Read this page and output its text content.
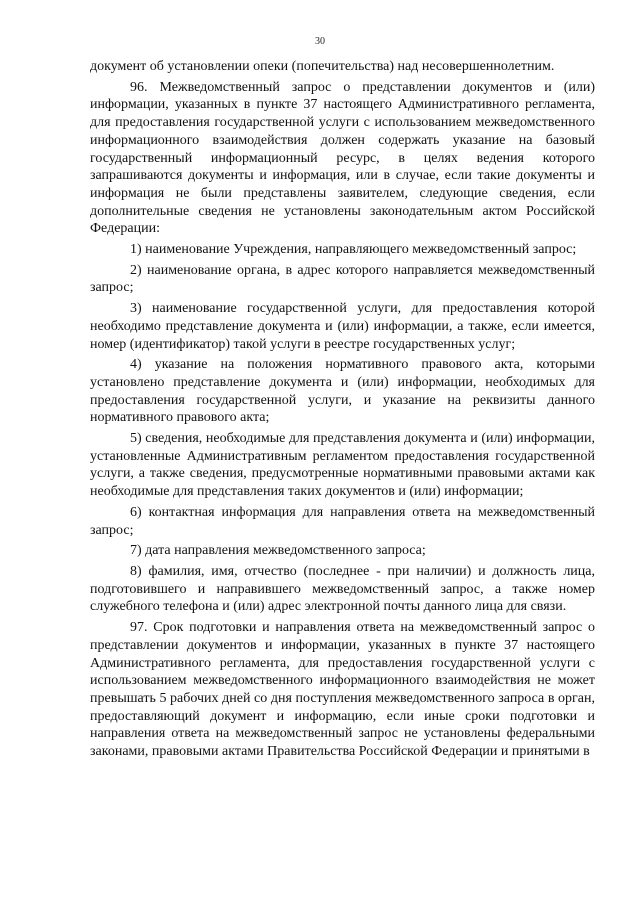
30

документ об установлении опеки (попечительства) над несовершеннолетним.

96. Межведомственный запрос о представлении документов и (или) информации, указанных в пункте 37 настоящего Административного регламента, для предоставления государственной услуги с использованием межведомственного информационного взаимодействия должен содержать указание на базовый государственный информационный ресурс, в целях ведения которого запрашиваются документы и информация, или в случае, если такие документы и информация не были представлены заявителем, следующие сведения, если дополнительные сведения не установлены законодательным актом Российской Федерации:

1) наименование Учреждения, направляющего межведомственный запрос;

2) наименование органа, в адрес которого направляется межведомственный запрос;

3) наименование государственной услуги, для предоставления которой необходимо представление документа и (или) информации, а также, если имеется, номер (идентификатор) такой услуги в реестре государственных услуг;

4) указание на положения нормативного правового акта, которыми установлено представление документа и (или) информации, необходимых для предоставления государственной услуги, и указание на реквизиты данного нормативного правового акта;

5) сведения, необходимые для представления документа и (или) информации, установленные Административным регламентом предоставления государственной услуги, а также сведения, предусмотренные нормативными правовыми актами как необходимые для представления таких документов и (или) информации;

6) контактная информация для направления ответа на межведомственный запрос;

7) дата направления межведомственного запроса;

8) фамилия, имя, отчество (последнее - при наличии) и должность лица, подготовившего и направившего межведомственный запрос, а также номер служебного телефона и (или) адрес электронной почты данного лица для связи.

97. Срок подготовки и направления ответа на межведомственный запрос о представлении документов и информации, указанных в пункте 37 настоящего Административного регламента, для предоставления государственной услуги с использованием межведомственного информационного взаимодействия не может превышать 5 рабочих дней со дня поступления межведомственного запроса в орган, предоставляющий документ и информацию, если иные сроки подготовки и направления ответа на межведомственный запрос не установлены федеральными законами, правовыми актами Правительства Российской Федерации и принятыми в
